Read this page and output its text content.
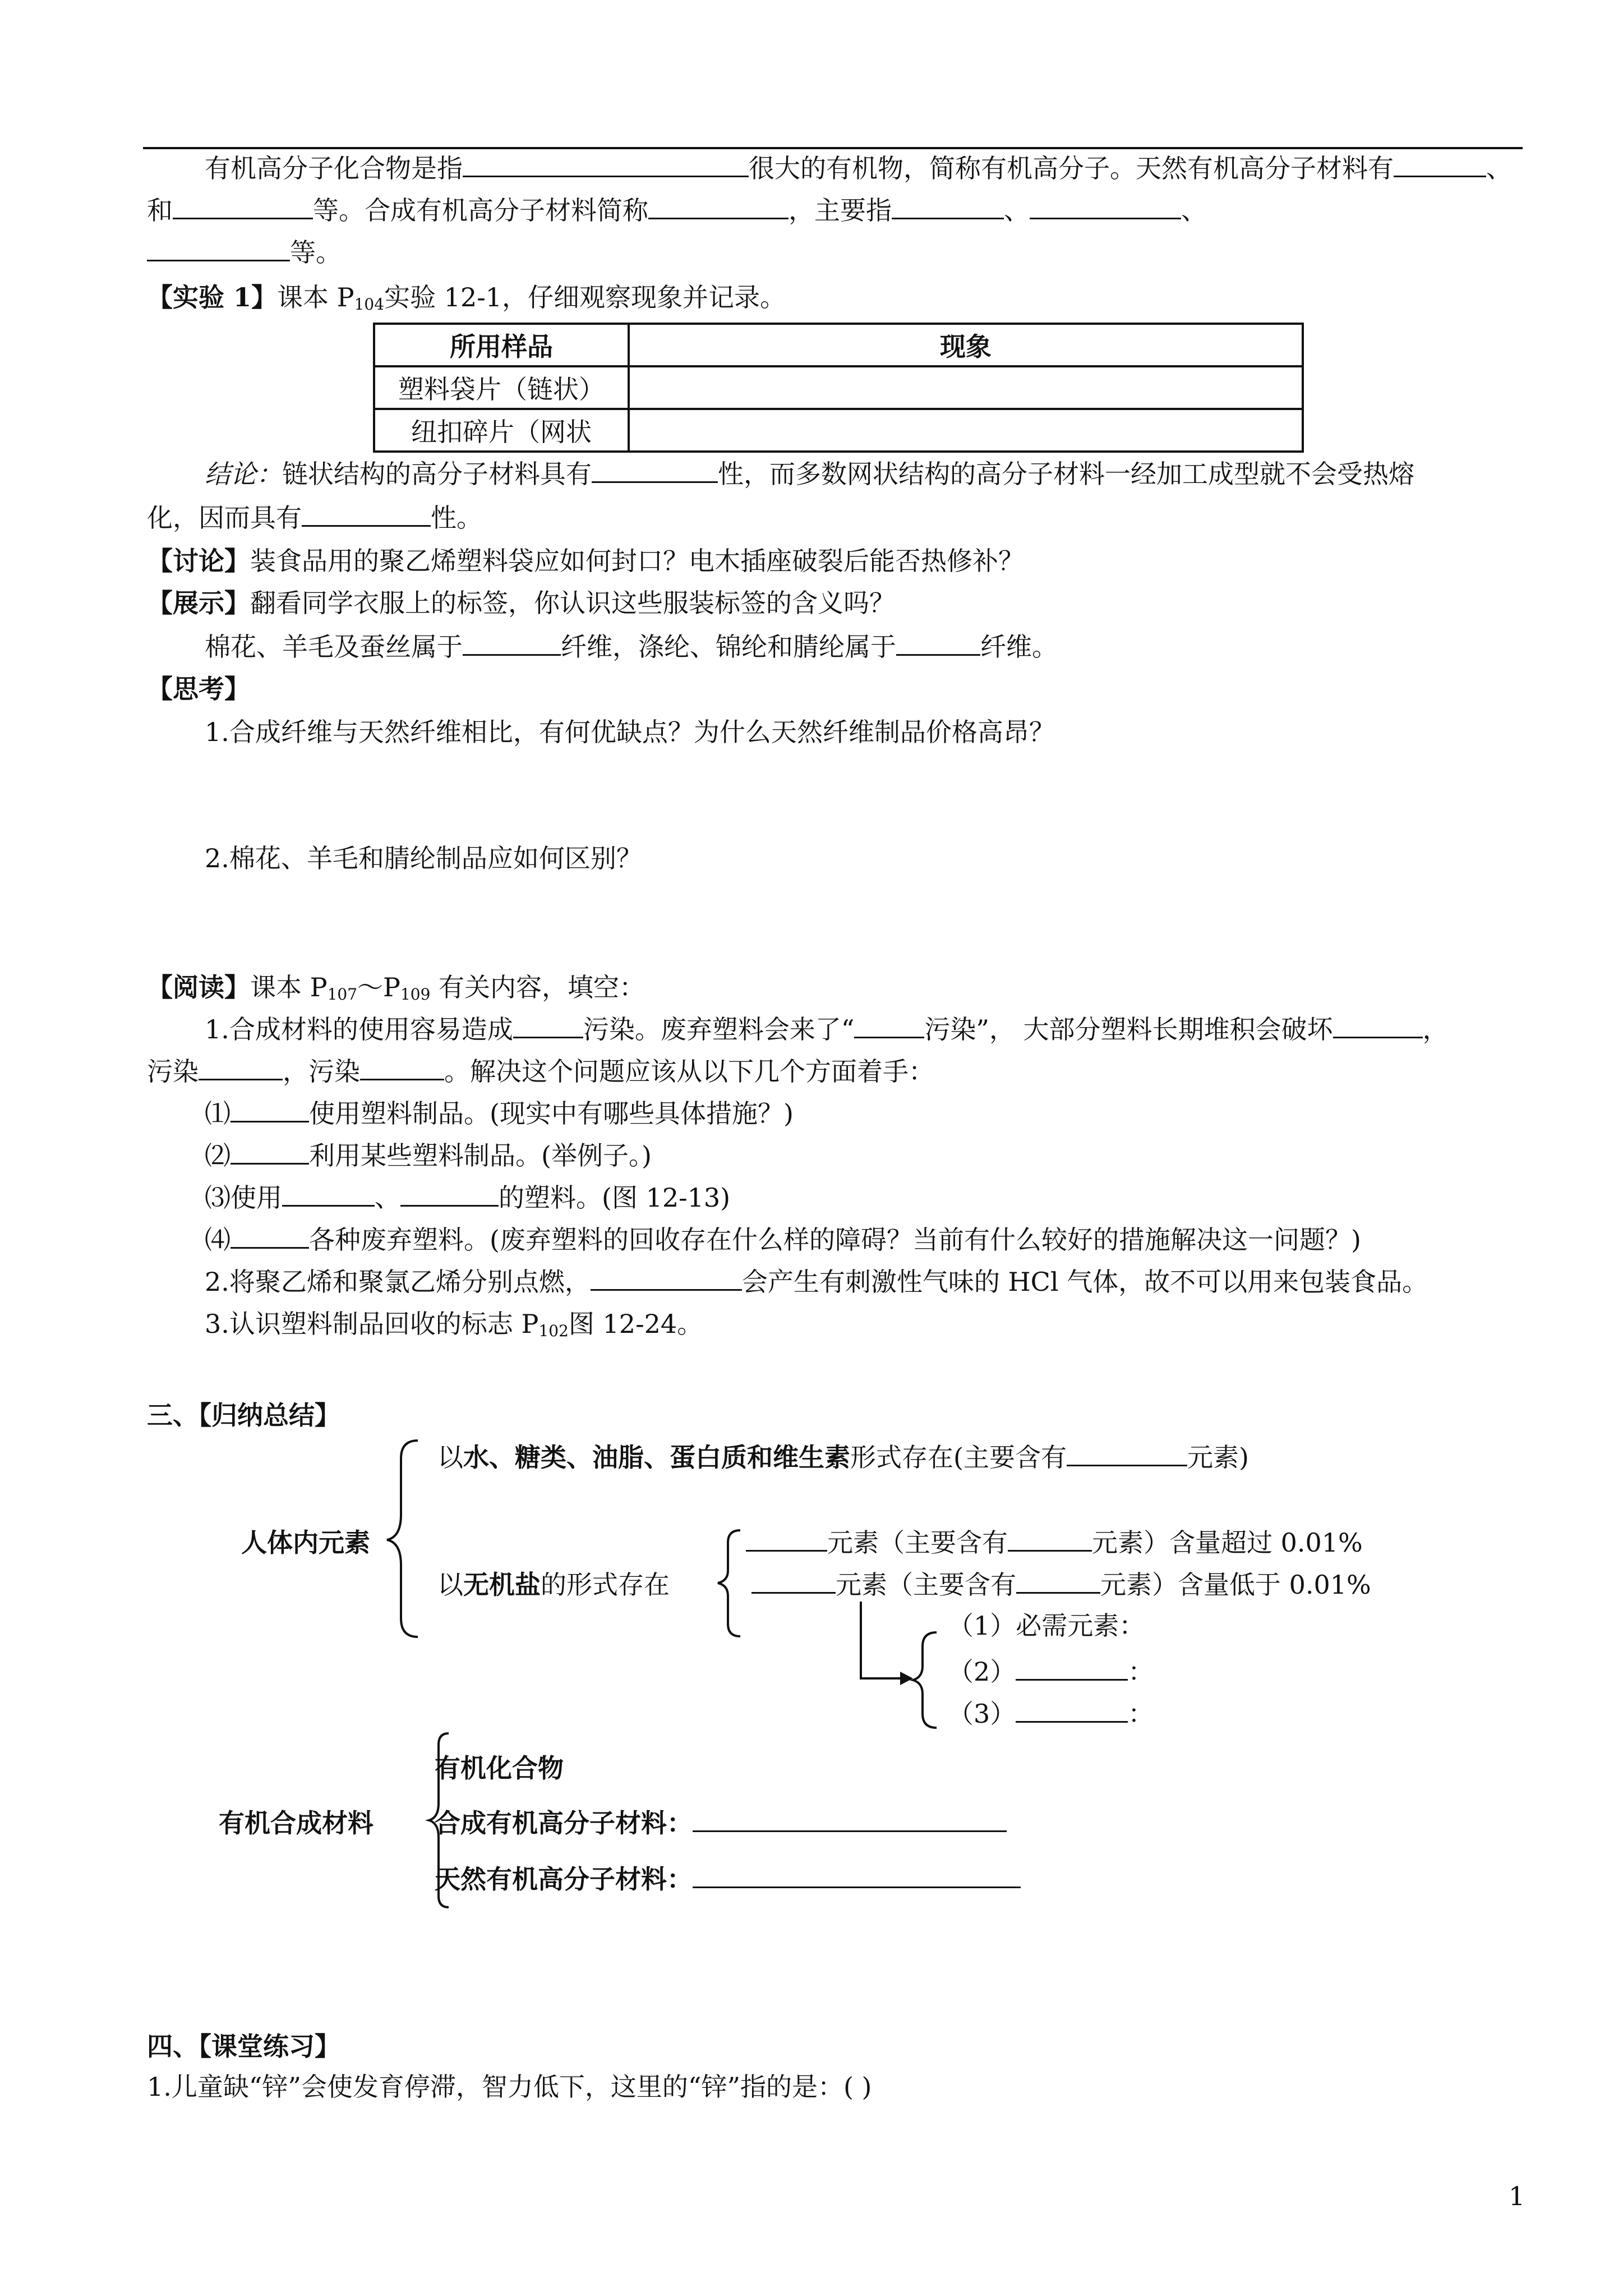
有机高分子化合物是指	很大的有机物，简称有机高分子。天然有机高分子材料有	、
和	等。合成有机高分子材料简称	，主要指	、	、
等。
【实验 1】课本 $P_{104}$实验 12-1，仔细观察现象并记录。
所用样品	现象
塑料袋片（链状）	
纽扣碎片（网状	
结论：链状结构的高分子材料具有	性，而多数网状结构的高分子材料一经加工成型就不会受热熔
化，因而具有	性。
【讨论】装食品用的聚乙烯塑料袋应如何封口？电木插座破裂后能否热修补？
【展示】翻看同学衣服上的标签，你认识这些服装标签的含义吗？
棉花、羊毛及蚕丝属于	纤维，涤纶、锦纶和腈纶属于	纤维。
【思考】
1.合成纤维与天然纤维相比，有何优缺点？为什么天然纤维制品价格高昂？
2.棉花、羊毛和腈纶制品应如何区别？
【阅读】课本 $P_{107}\sim P_{109}$ 有关内容，填空：
1.合成材料的使用容易造成	污染。废弃塑料会来了“	污染”， 大部分塑料长期堆积会破坏	，
污染	，污染	。解决这个问题应该从以下几个方面着手：
⑴	使用塑料制品。(现实中有哪些具体措施？)
⑵	利用某些塑料制品。(举例子。)
⑶使用	、	的塑料。(图 12-13)
⑷	各种废弃塑料。(废弃塑料的回收存在什么样的障碍？当前有什么较好的措施解决这一问题？)
2.将聚乙烯和聚氯乙烯分别点燃，	会产生有刺激性气味的 HCl 气体，故不可以用来包装食品。
3.认识塑料制品回收的标志 $P_{102}$图 12-24。
三、【归纳总结】
以水、糖类、油脂、蛋白质和维生素形式存在(主要含有	元素)
人体内元素
以无机盐的形式存在
元素（主要含有	元素）含量超过 0.01%
元素（主要含有	元素）含量低于 0.01%
（1）必需元素：
（2）	：
（3）	：
有机合成材料
有机化合物
合成有机高分子材料：
天然有机高分子材料：
四、【课堂练习】
1.儿童缺“锌”会使发育停滞，智力低下，这里的“锌”指的是：( )
1
